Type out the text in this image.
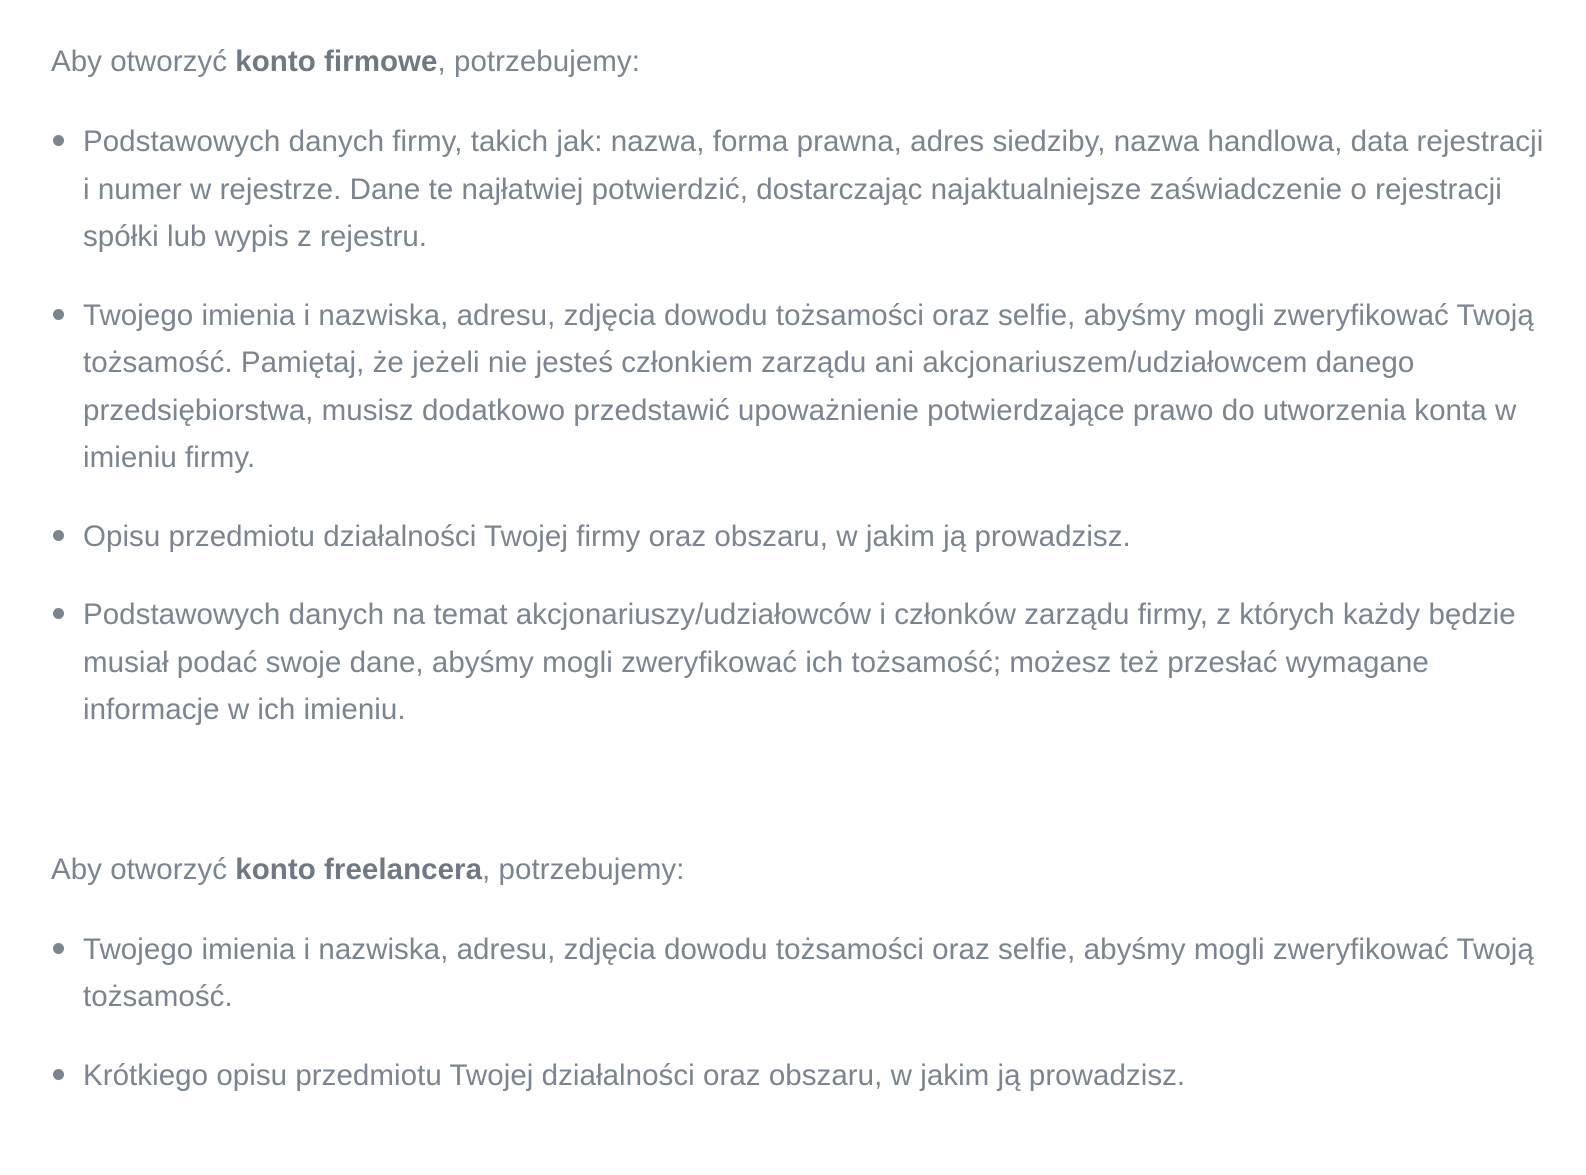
Aby otworzyć konto firmowe, potrzebujemy:

Podstawowych danych firmy, takich jak: nazwa, forma prawna, adres siedziby, nazwa handlowa, data rejestracji i numer w rejestrze. Dane te najłatwiej potwierdzić, dostarczając najaktualniejsze zaświadczenie o rejestracji spółki lub wypis z rejestru.
Twojego imienia i nazwiska, adresu, zdjęcia dowodu tożsamości oraz selfie, abyśmy mogli zweryfikować Twoją tożsamość. Pamiętaj, że jeżeli nie jesteś członkiem zarządu ani akcjonariuszem/udziałowcem danego przedsiębiorstwa, musisz dodatkowo przedstawić upoważnienie potwierdzające prawo do utworzenia konta w imieniu firmy.
Opisu przedmiotu działalności Twojej firmy oraz obszaru, w jakim ją prowadzisz.
Podstawowych danych na temat akcjonariuszy/udziałowców i członków zarządu firmy, z których każdy będzie musiał podać swoje dane, abyśmy mogli zweryfikować ich tożsamość; możesz też przesłać wymagane informacje w ich imieniu.

Aby otworzyć konto freelancera, potrzebujemy:

Twojego imienia i nazwiska, adresu, zdjęcia dowodu tożsamości oraz selfie, abyśmy mogli zweryfikować Twoją tożsamość.
Krótkiego opisu przedmiotu Twojej działalności oraz obszaru, w jakim ją prowadzisz.
